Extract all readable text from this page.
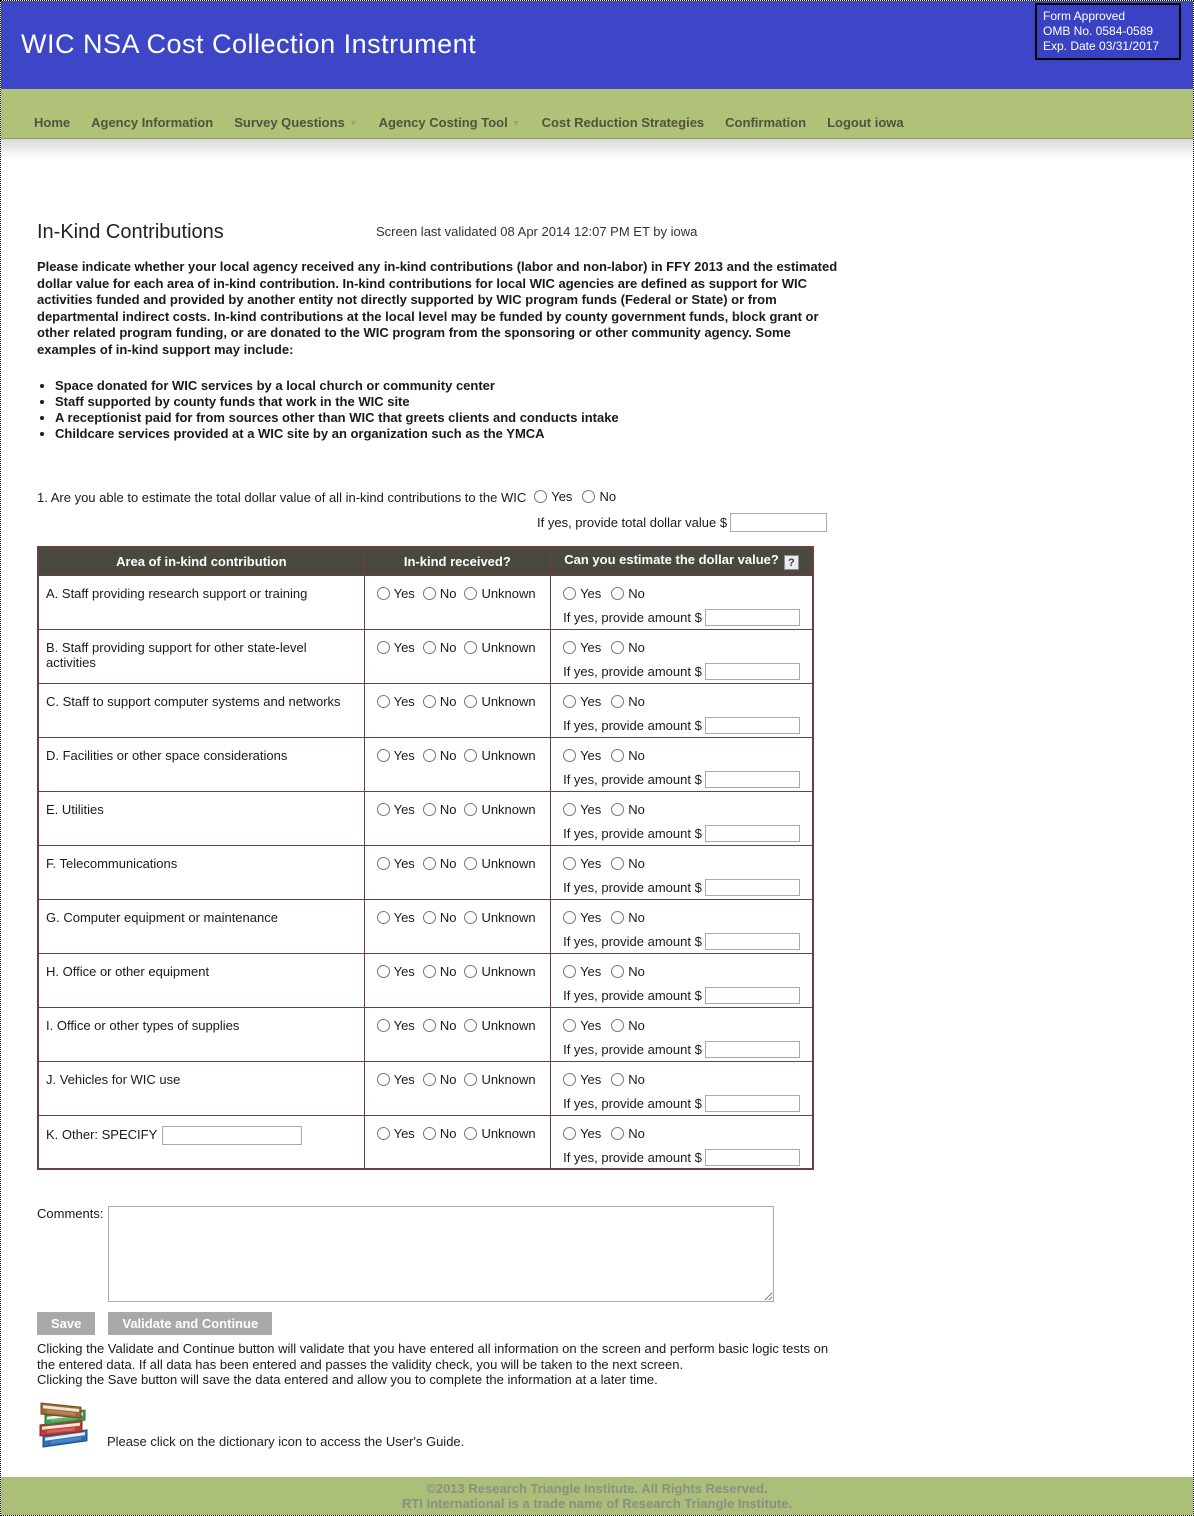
WIC NSA Cost Collection Instrument
Form Approved
OMB No. 0584-0589
Exp. Date 03/31/2017
Home Agency Information Survey Questions ▼ Agency Costing Tool ▼ Cost Reduction Strategies Confirmation Logout iowa
In-Kind Contributions	Screen last validated 08 Apr 2014 12:07 PM ET by iowa

Please indicate whether your local agency received any in-kind contributions (labor and non-labor) in FFY 2013 and the estimated dollar value for each area of in-kind contribution. In-kind contributions for local WIC agencies are defined as support for WIC activities funded and provided by another entity not directly supported by WIC program funds (Federal or State) or from departmental indirect costs. In-kind contributions at the local level may be funded by county government funds, block grant or other related program funding, or are donated to the WIC program from the sponsoring or other community agency. Some examples of in-kind support may include:

• Space donated for WIC services by a local church or community center
• Staff supported by county funds that work in the WIC site
• A receptionist paid for from sources other than WIC that greets clients and conducts intake
• Childcare services provided at a WIC site by an organization such as the YMCA
1. Are you able to estimate the total dollar value of all in-kind contributions to the WIC	Yes No
If yes, provide total dollar value $
Area of in-kind contribution	In-kind received?	Can you estimate the dollar value? ?
A. Staff providing research support or training	Yes No Unknown	Yes No
If yes, provide amount $

B. Staff providing support for other state-level activities	
Yes No Unknown	Yes No
If yes, provide amount $

C. Staff to support computer systems and networks	Yes No Unknown	Yes No
If yes, provide amount $

D. Facilities or other space considerations	Yes No Unknown	Yes No
If yes, provide amount $

E. Utilities	Yes No Unknown	Yes No
If yes, provide amount $

F. Telecommunications	Yes No Unknown	Yes No
If yes, provide amount $

G. Computer equipment or maintenance	Yes No Unknown	Yes No
If yes, provide amount $

H. Office or other equipment	Yes No Unknown	Yes No
If yes, provide amount $

I. Office or other types of supplies	Yes No Unknown	Yes No
If yes, provide amount $

J. Vehicles for WIC use	Yes No Unknown	Yes No
If yes, provide amount $

K. Other: SPECIFY	Yes No Unknown	Yes No
If yes, provide amount $
Comments:
Save	Validate and Continue
Clicking the Validate and Continue button will validate that you have entered all information on the screen and perform basic logic tests on the entered data. If all data has been entered and passes the validity check, you will be taken to the next screen.
Clicking the Save button will save the data entered and allow you to complete the information at a later time.
Please click on the dictionary icon to access the User's Guide.
©2013 Research Triangle Institute. All Rights Reserved.
RTI International is a trade name of Research Triangle Institute.
